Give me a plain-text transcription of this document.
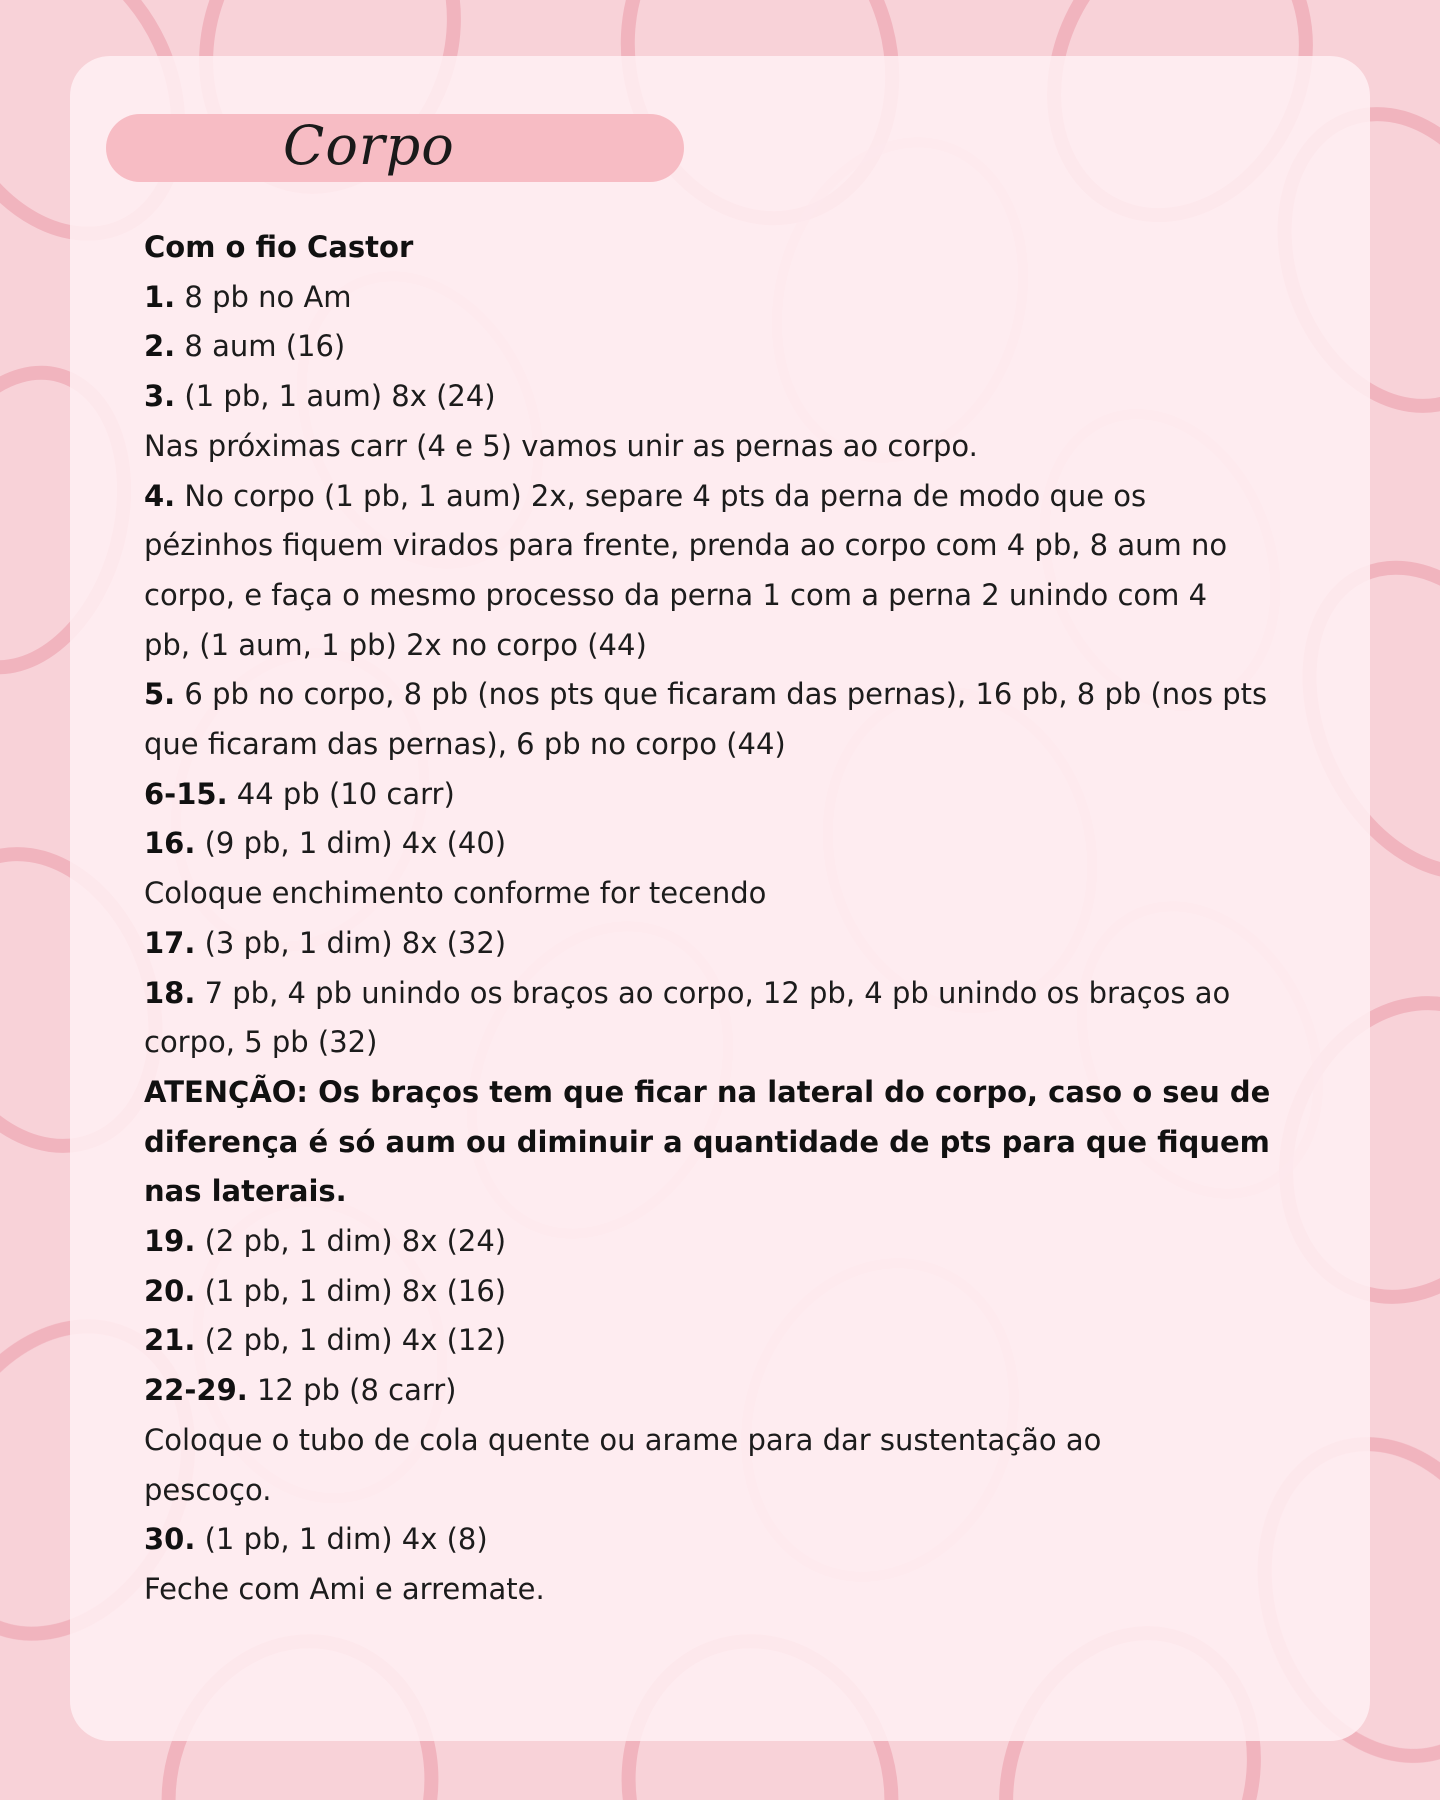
Corpo

Com o fio Castor

1. 8 pb no Am

2. 8 aum (16)

3. (1 pb, 1 aum) 8x (24)

Nas próximas carr (4 e 5) vamos unir as pernas ao corpo.

4. No corpo (1 pb, 1 aum) 2x, separe 4 pts da perna de modo que os

pézinhos fiquem virados para frente, prenda ao corpo com 4 pb, 8 aum no

corpo, e faça o mesmo processo da perna 1 com a perna 2 unindo com 4

pb, (1 aum, 1 pb) 2x no corpo (44)

5. 6 pb no corpo, 8 pb (nos pts que ficaram das pernas), 16 pb, 8 pb (nos pts

que ficaram das pernas), 6 pb no corpo (44)

6-15. 44 pb (10 carr)

16. (9 pb, 1 dim) 4x (40)

Coloque enchimento conforme for tecendo

17. (3 pb, 1 dim) 8x (32)

18. 7 pb, 4 pb unindo os braços ao corpo, 12 pb, 4 pb unindo os braços ao

corpo, 5 pb (32)

ATENÇÃO: Os braços tem que ficar na lateral do corpo, caso o seu de

diferença é só aum ou diminuir a quantidade de pts para que fiquem

nas laterais.

19. (2 pb, 1 dim) 8x (24)

20. (1 pb, 1 dim) 8x (16)

21. (2 pb, 1 dim) 4x (12)

22-29. 12 pb (8 carr)

Coloque o tubo de cola quente ou arame para dar sustentação ao

pescoço.

30. (1 pb, 1 dim) 4x (8)

Feche com Ami e arremate.
